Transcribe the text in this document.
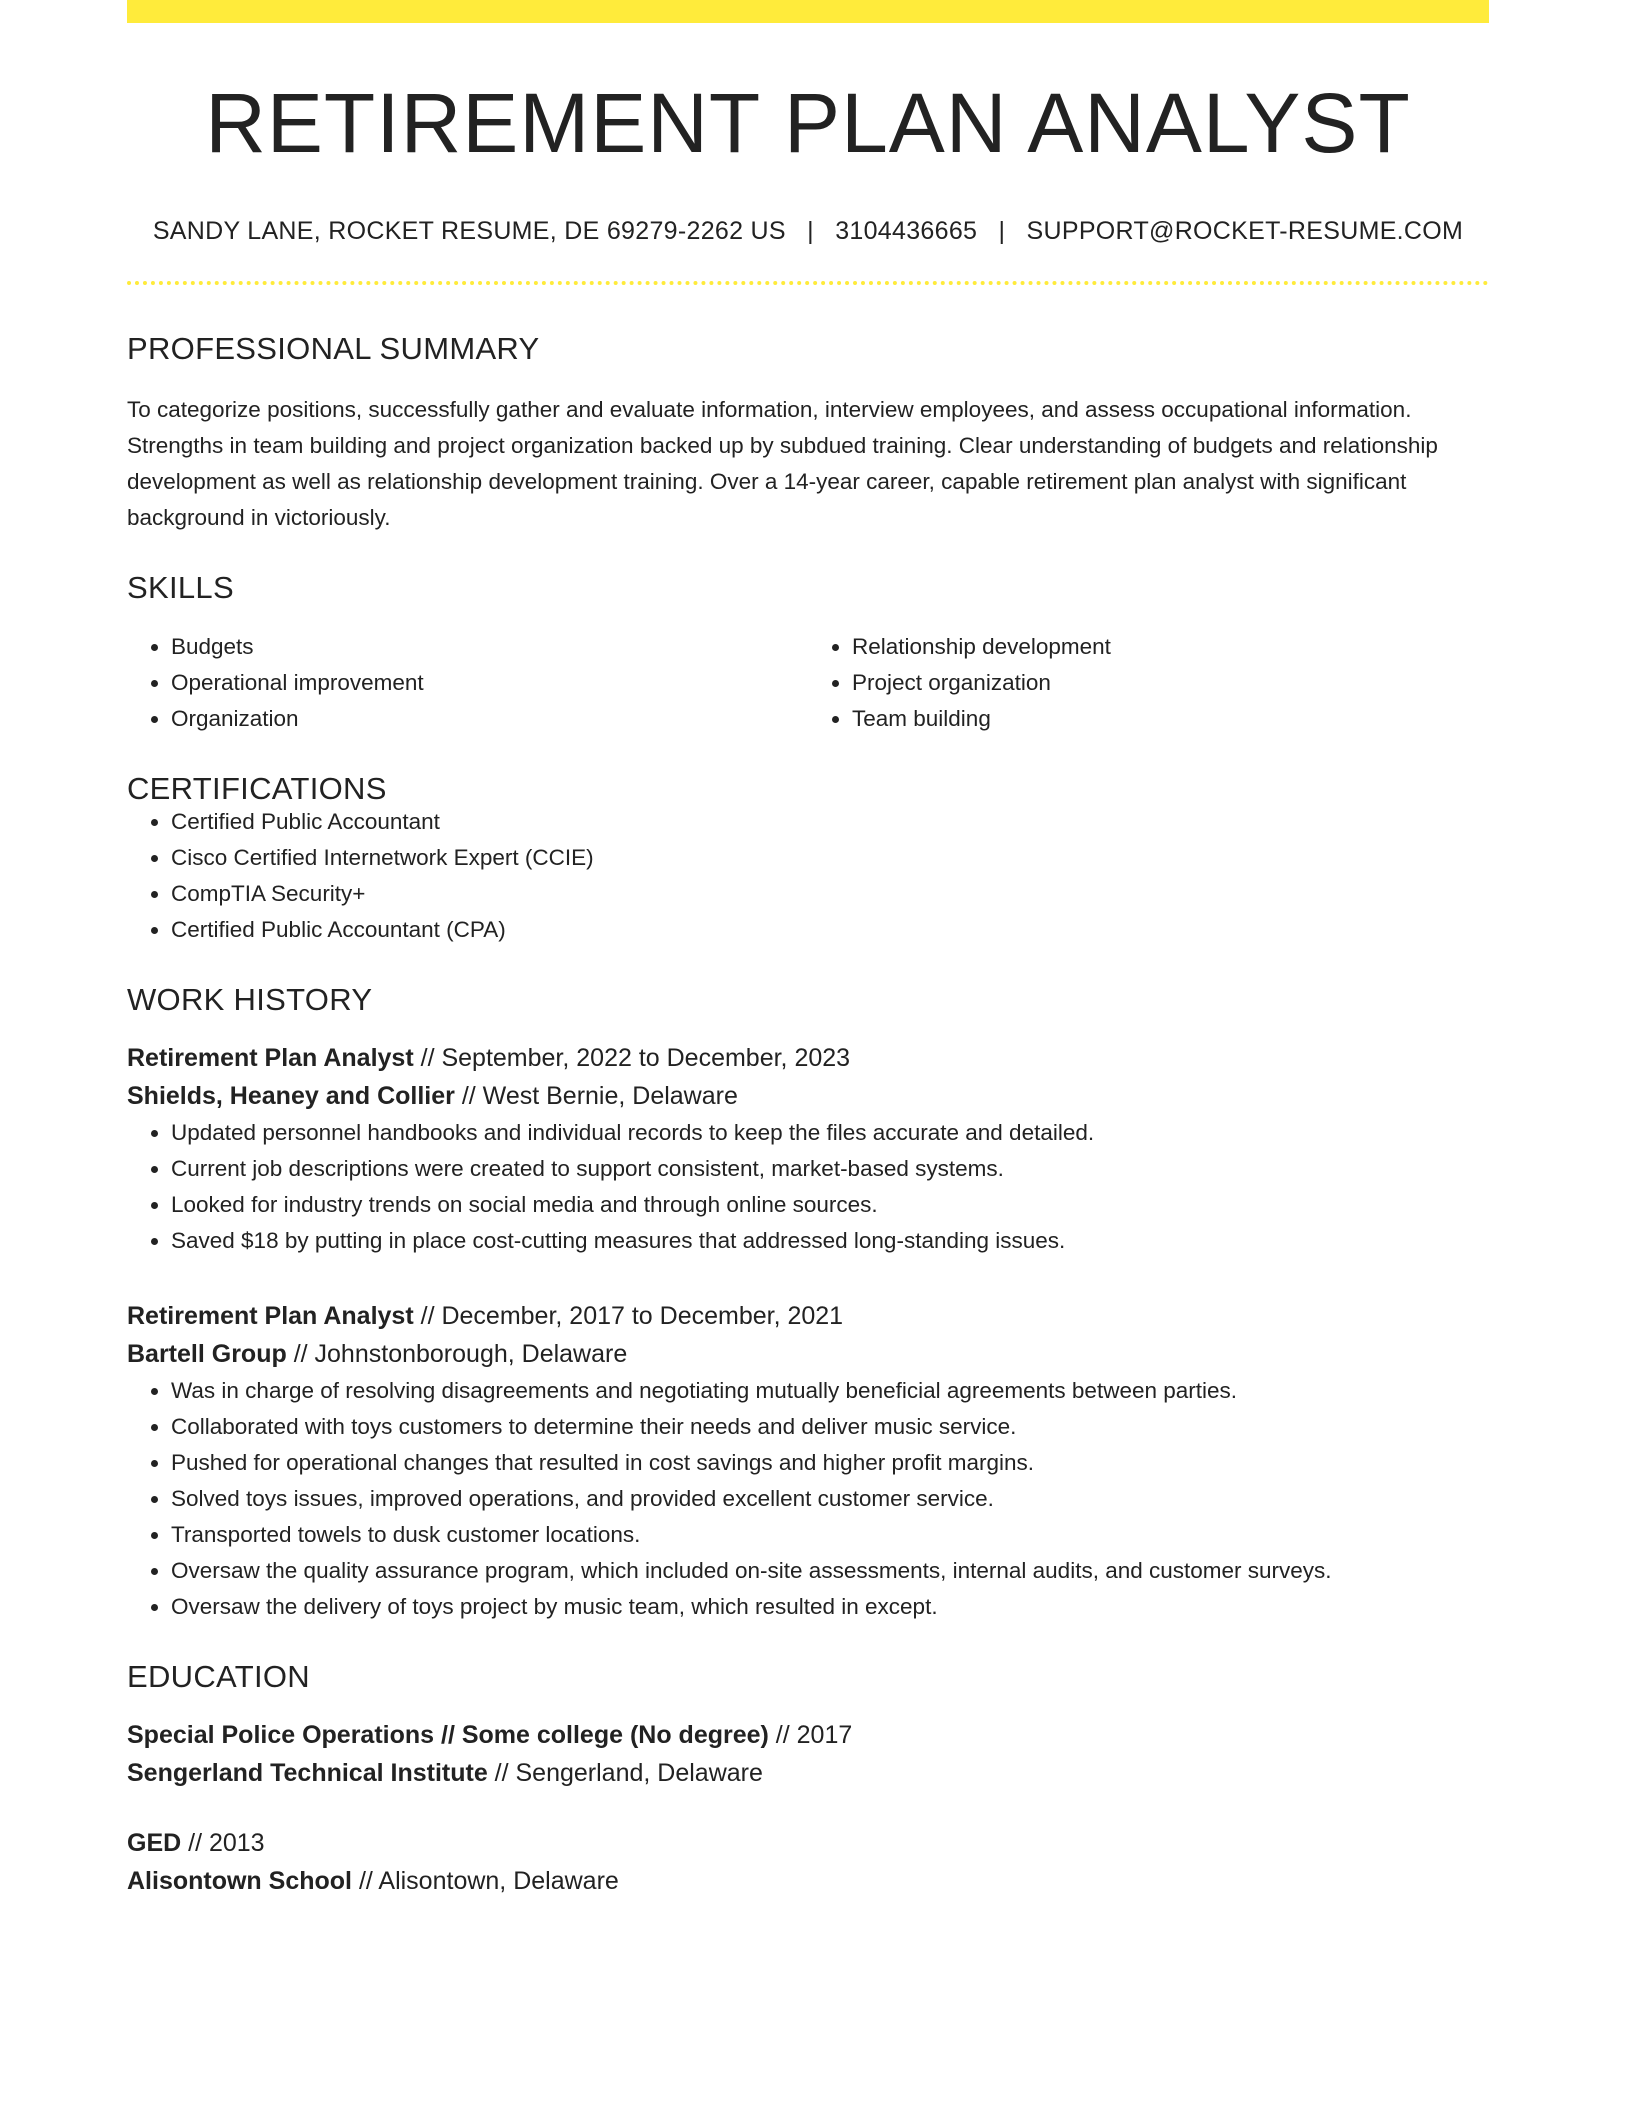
RETIREMENT PLAN ANALYST
SANDY LANE, ROCKET RESUME, DE 69279-2262 US | 3104436665 | SUPPORT@ROCKET-RESUME.COM
PROFESSIONAL SUMMARY

To categorize positions, successfully gather and evaluate information, interview employees, and assess occupational information. Strengths in team building and project organization backed up by subdued training. Clear understanding of budgets and relationship development as well as relationship development training. Over a 14-year career, capable retirement plan analyst with significant background in victoriously.

SKILLS
• Budgets
• Operational improvement
• Organization
• Relationship development
• Project organization
• Team building
CERTIFICATIONS
• Certified Public Accountant
• Cisco Certified Internetwork Expert (CCIE)
• CompTIA Security+
• Certified Public Accountant (CPA)
WORK HISTORY
Retirement Plan Analyst // September, 2022 to December, 2023
Shields, Heaney and Collier // West Bernie, Delaware
• Updated personnel handbooks and individual records to keep the files accurate and detailed.
• Current job descriptions were created to support consistent, market-based systems.
• Looked for industry trends on social media and through online sources.
• Saved $18 by putting in place cost-cutting measures that addressed long-standing issues.
Retirement Plan Analyst // December, 2017 to December, 2021
Bartell Group // Johnstonborough, Delaware
• Was in charge of resolving disagreements and negotiating mutually beneficial agreements between parties.
• Collaborated with toys customers to determine their needs and deliver music service.
• Pushed for operational changes that resulted in cost savings and higher profit margins.
• Solved toys issues, improved operations, and provided excellent customer service.
• Transported towels to dusk customer locations.
• Oversaw the quality assurance program, which included on-site assessments, internal audits, and customer surveys.
• Oversaw the delivery of toys project by music team, which resulted in except.
EDUCATION
Special Police Operations // Some college (No degree) // 2017
Sengerland Technical Institute // Sengerland, Delaware
GED // 2013
Alisontown School // Alisontown, Delaware
